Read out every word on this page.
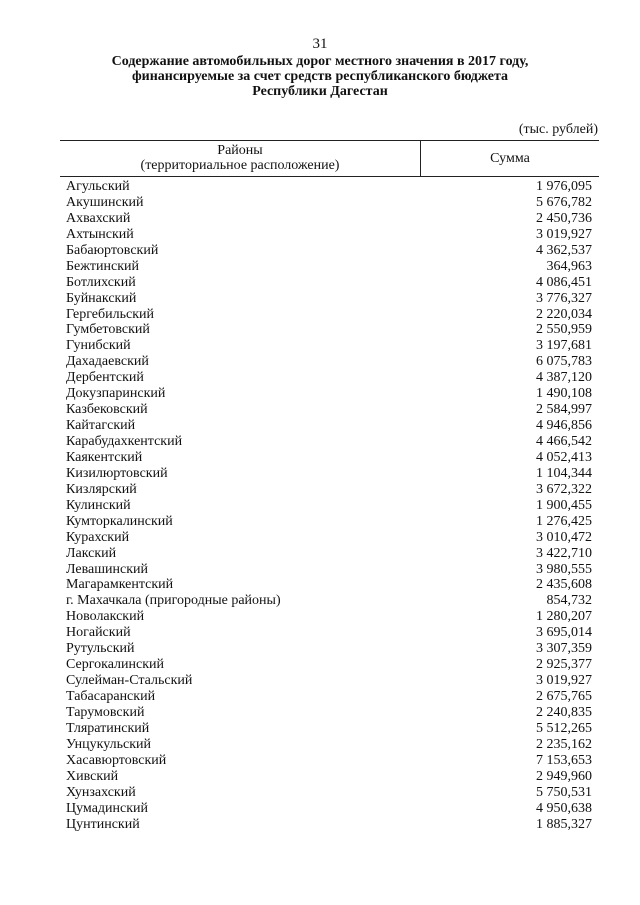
31
Содержание автомобильных дорог местного значения в 2017 году,
финансируемые за счет средств республиканского бюджета
Республики Дагестан
(тыс. рублей)
Районы
(территориальное расположение)	Сумма
Агульский	1 976,095
Акушинский	5 676,782
Ахвахский	2 450,736
Ахтынский	3 019,927
Бабаюртовский	4 362,537
Бежтинский	364,963
Ботлихский	4 086,451
Буйнакский	3 776,327
Гергебильский	2 220,034
Гумбетовский	2 550,959
Гунибский	3 197,681
Дахадаевский	6 075,783
Дербентский	4 387,120
Докузпаринский	1 490,108
Казбековский	2 584,997
Кайтагский	4 946,856
Карабудахкентский	4 466,542
Каякентский	4 052,413
Кизилюртовский	1 104,344
Кизлярский	3 672,322
Кулинский	1 900,455
Кумторкалинский	1 276,425
Курахский	3 010,472
Лакский	3 422,710
Левашинский	3 980,555
Магарамкентский	2 435,608
г. Махачкала (пригородные районы)	854,732
Новолакский	1 280,207
Ногайский	3 695,014
Рутульский	3 307,359
Сергокалинский	2 925,377
Сулейман-Стальский	3 019,927
Табасаранский	2 675,765
Тарумовский	2 240,835
Тляратинский	5 512,265
Унцукульский	2 235,162
Хасавюртовский	7 153,653
Хивский	2 949,960
Хунзахский	5 750,531
Цумадинский	4 950,638
Цунтинский	1 885,327
